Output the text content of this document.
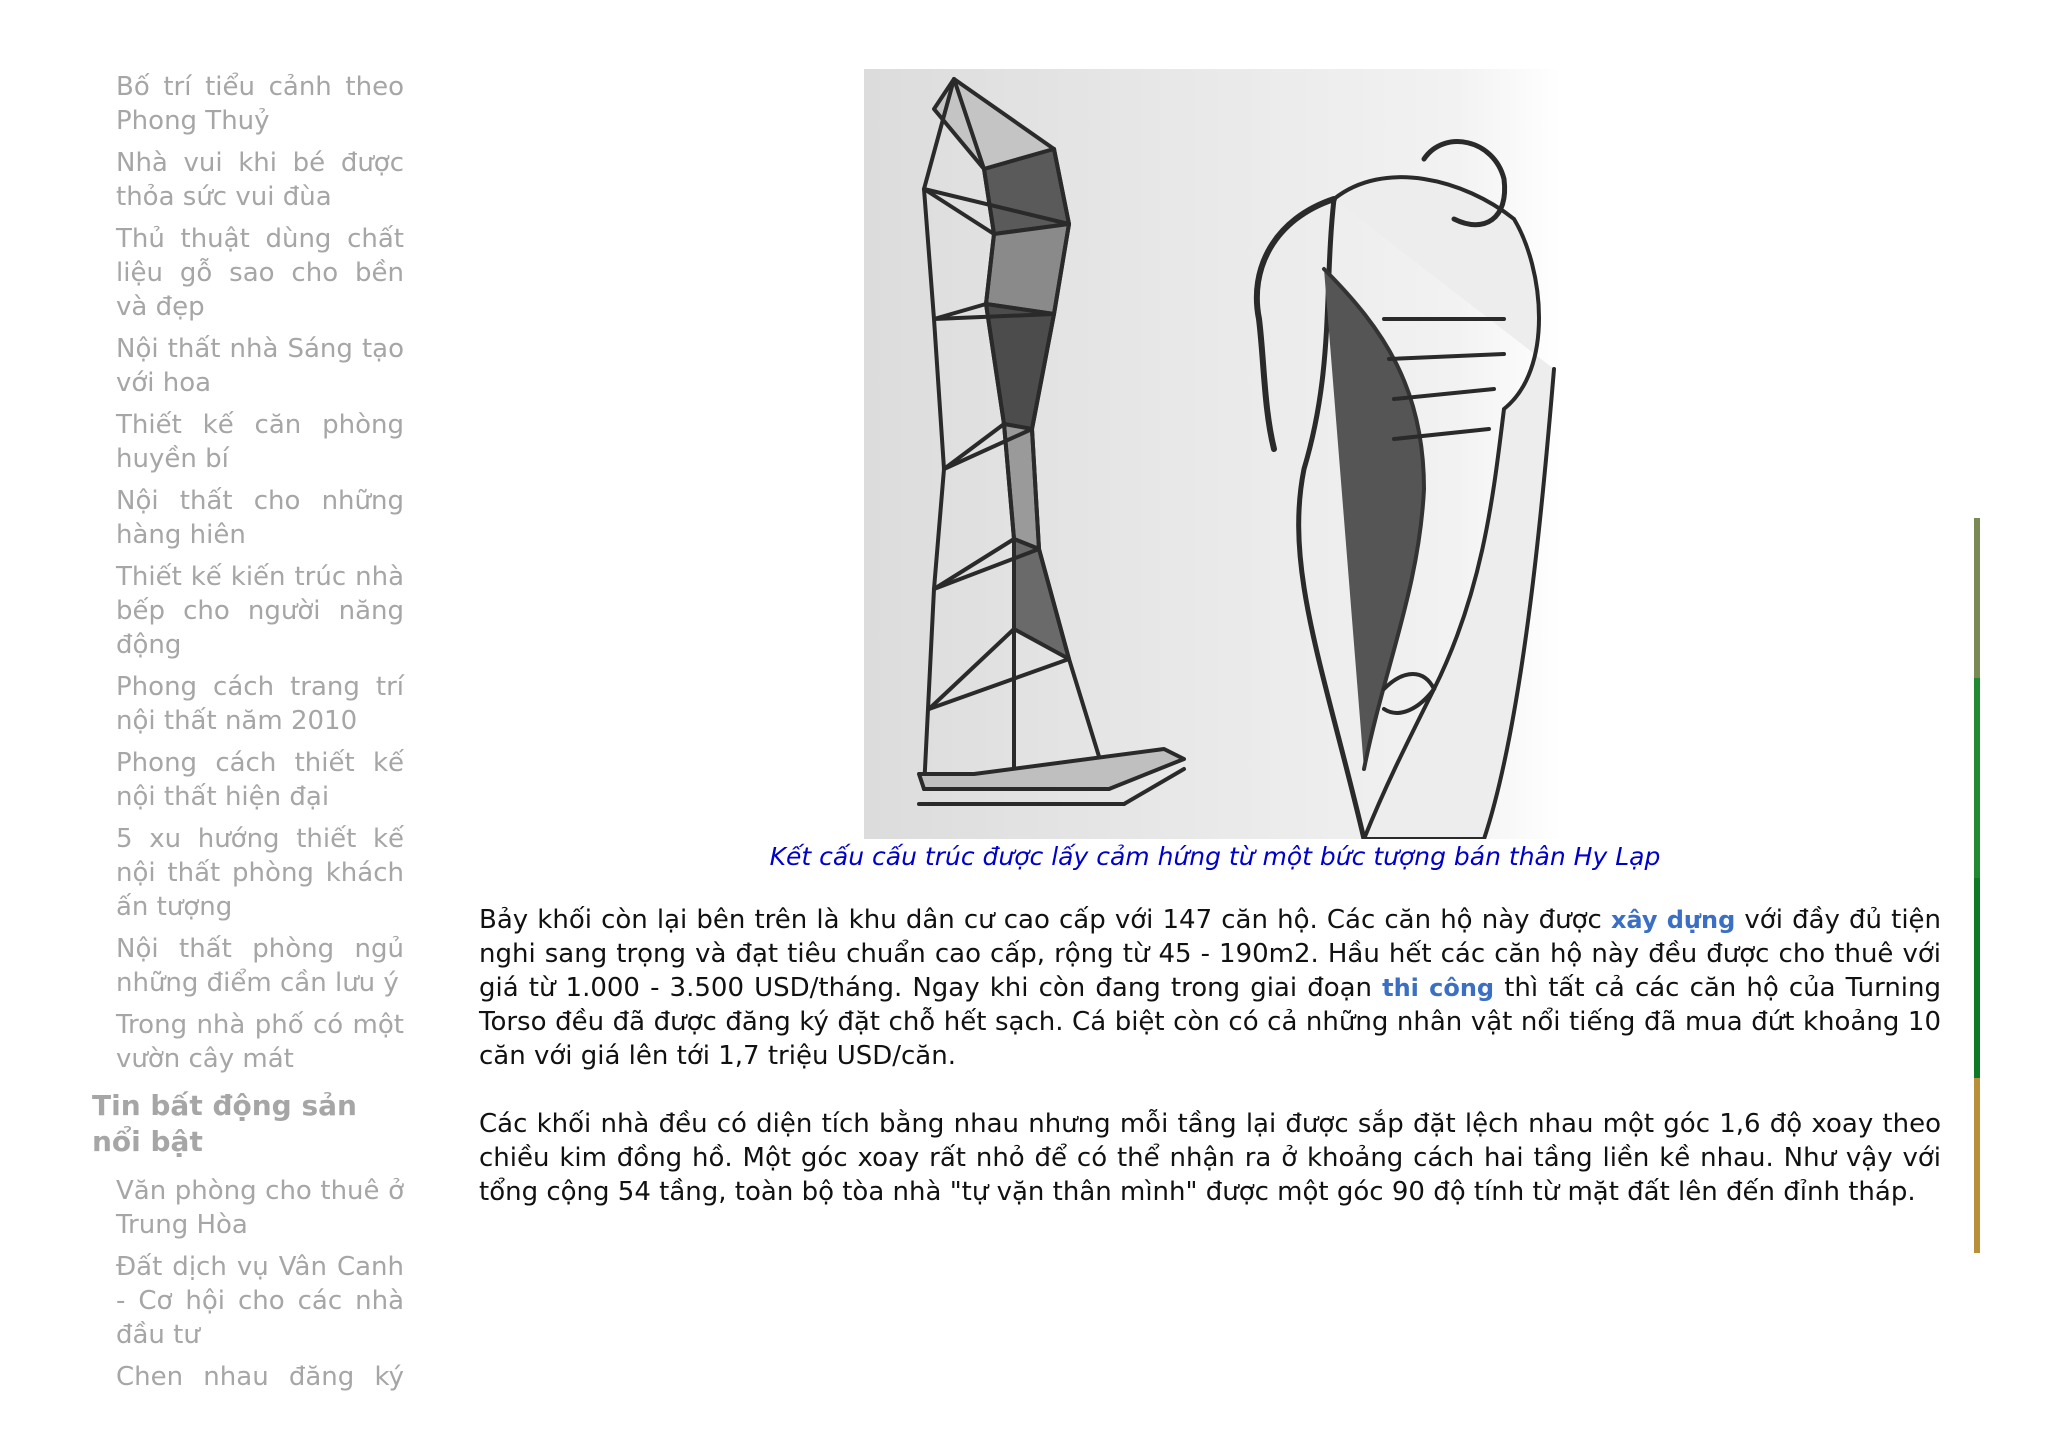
Bố trí tiểu cảnh theo Phong Thuỷ
Nhà vui khi bé được thỏa sức vui đùa
Thủ thuật dùng chất liệu gỗ sao cho bền và đẹp
Nội thất nhà Sáng tạo với hoa
Thiết kế căn phòng huyền bí
Nội thất cho những hàng hiên
Thiết kế kiến trúc nhà bếp cho người năng động
Phong cách trang trí nội thất năm 2010
Phong cách thiết kế nội thất hiện đại
5 xu hướng thiết kế nội thất phòng khách ấn tượng
Nội thất phòng ngủ những điểm cần lưu ý
Trong nhà phố có một vườn cây mát
Tin bất động sản nổi bật
Văn phòng cho thuê ở Trung Hòa
Đất dịch vụ Vân Canh - Cơ hội cho các nhà đầu tư
Chen nhau đăng ký
Kết cấu cấu trúc được lấy cảm hứng từ một bức tượng bán thân Hy Lạp

Bảy khối còn lại bên trên là khu dân cư cao cấp với 147 căn hộ. Các căn hộ này được xây dựng với đầy đủ tiện nghi sang trọng và đạt tiêu chuẩn cao cấp, rộng từ 45 - 190m2. Hầu hết các căn hộ này đều được cho thuê với giá từ 1.000 - 3.500 USD/tháng. Ngay khi còn đang trong giai đoạn thi công thì tất cả các căn hộ của Turning Torso đều đã được đăng ký đặt chỗ hết sạch. Cá biệt còn có cả những nhân vật nổi tiếng đã mua đứt khoảng 10 căn với giá lên tới 1,7 triệu USD/căn.

Các khối nhà đều có diện tích bằng nhau nhưng mỗi tầng lại được sắp đặt lệch nhau một góc 1,6 độ xoay theo chiều kim đồng hồ. Một góc xoay rất nhỏ để có thể nhận ra ở khoảng cách hai tầng liền kề nhau. Như vậy với tổng cộng 54 tầng, toàn bộ tòa nhà "tự vặn thân mình" được một góc 90 độ tính từ mặt đất lên đến đỉnh tháp.
